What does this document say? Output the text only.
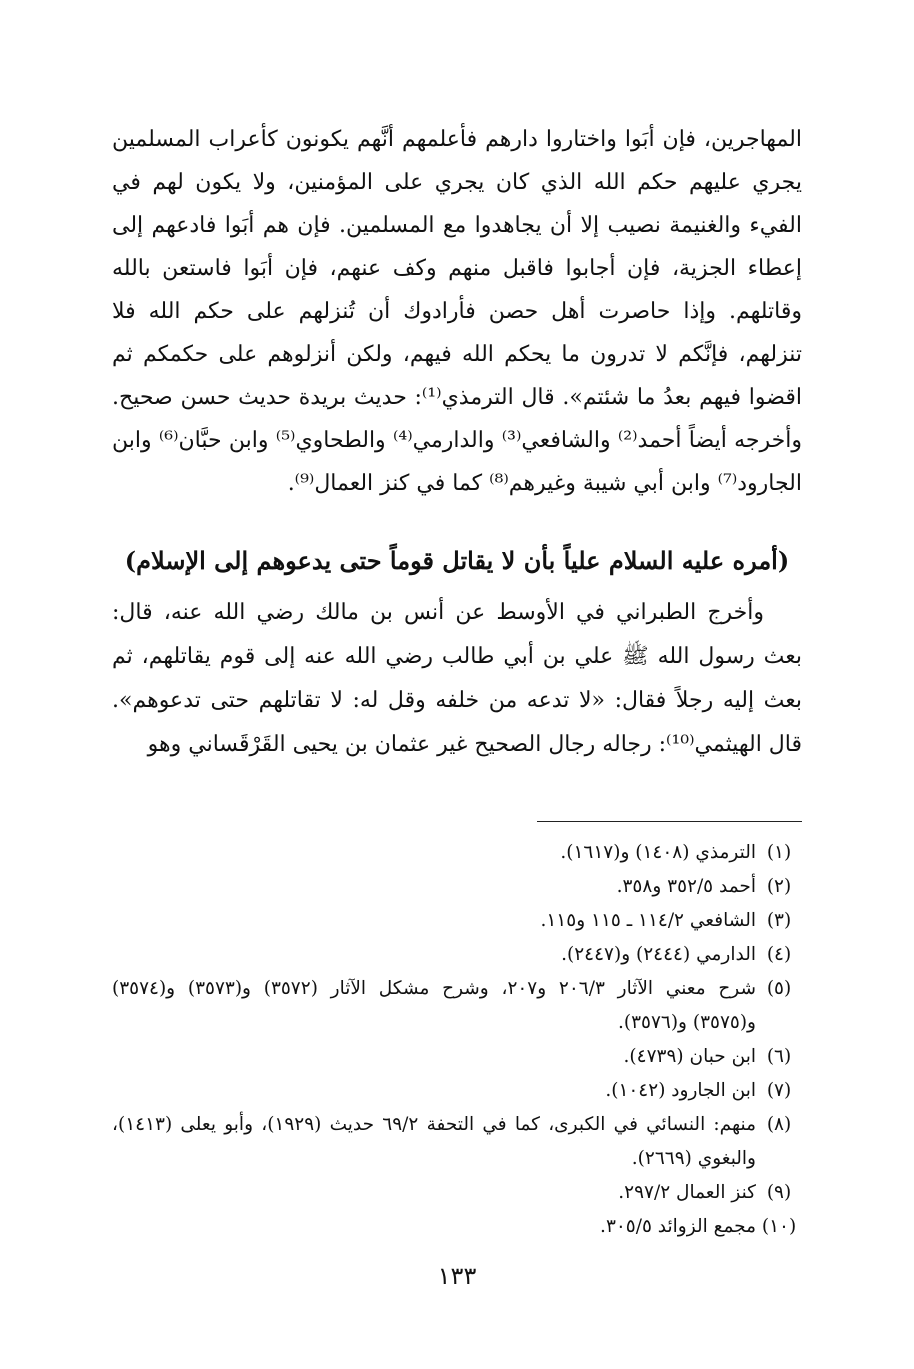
المهاجرين، فإن أبَوا واختاروا دارهم فأعلمهم أنَّهم يكونون كأعراب المسلمين يجري عليهم حكم الله الذي كان يجري على المؤمنين، ولا يكون لهم في الفيء والغنيمة نصيب إلا أن يجاهدوا مع المسلمين. فإن هم أبَوا فادعهم إلى إعطاء الجزية، فإن أجابوا فاقبل منهم وكف عنهم، فإن أبَوا فاستعن بالله وقاتلهم. وإذا حاصرت أهل حصن فأرادوك أن تُنزلهم على حكم الله فلا تنزلهم، فإنَّكم لا تدرون ما يحكم الله فيهم، ولكن أنزلوهم على حكمكم ثم اقضوا فيهم بعدُ ما شئتم». قال الترمذي⁽¹⁾: حديث بريدة حديث حسن صحيح. وأخرجه أيضاً أحمد⁽²⁾ والشافعي⁽³⁾ والدارمي⁽⁴⁾ والطحاوي⁽⁵⁾ وابن حبَّان⁽⁶⁾ وابن الجارود⁽⁷⁾ وابن أبي شيبة وغيرهم⁽⁸⁾ كما في كنز العمال⁽⁹⁾.

(أمره عليه السلام علياً بأن لا يقاتل قوماً حتى يدعوهم إلى الإسلام)

وأخرج الطبراني في الأوسط عن أنس بن مالك رضي الله عنه، قال: بعث رسول الله ﷺ علي بن أبي طالب رضي الله عنه إلى قوم يقاتلهم، ثم بعث إليه رجلاً فقال: «لا تدعه من خلفه وقل له: لا تقاتلهم حتى تدعوهم». قال الهيثمي⁽¹⁰⁾: رجاله رجال الصحيح غير عثمان بن يحيى القَرْقَساني وهو

(١)
الترمذي (١٤٠٨) و(١٦١٧).
(٢)
أحمد ٣٥٢/٥ و٣٥٨.
(٣)
الشافعي ١١٤/٢ ـ ١١٥ و١١٥.
(٤)
الدارمي (٢٤٤٤) و(٢٤٤٧).
(٥)
شرح معني الآثار ٢٠٦/٣ و٢٠٧، وشرح مشكل الآثار (٣٥٧٢) و(٣٥٧٣) و(٣٥٧٤) و(٣٥٧٥) و(٣٥٧٦).
(٦)
ابن حبان (٤٧٣٩).
(٧)
ابن الجارود (١٠٤٢).
(٨)
منهم: النسائي في الكبرى، كما في التحفة ٦٩/٢ حديث (١٩٢٩)، وأبو يعلى (١٤١٣)، والبغوي (٢٦٦٩).
(٩)
كنز العمال ٢٩٧/٢.
(١٠)
مجمع الزوائد ٣٠٥/٥.
١٣٣
